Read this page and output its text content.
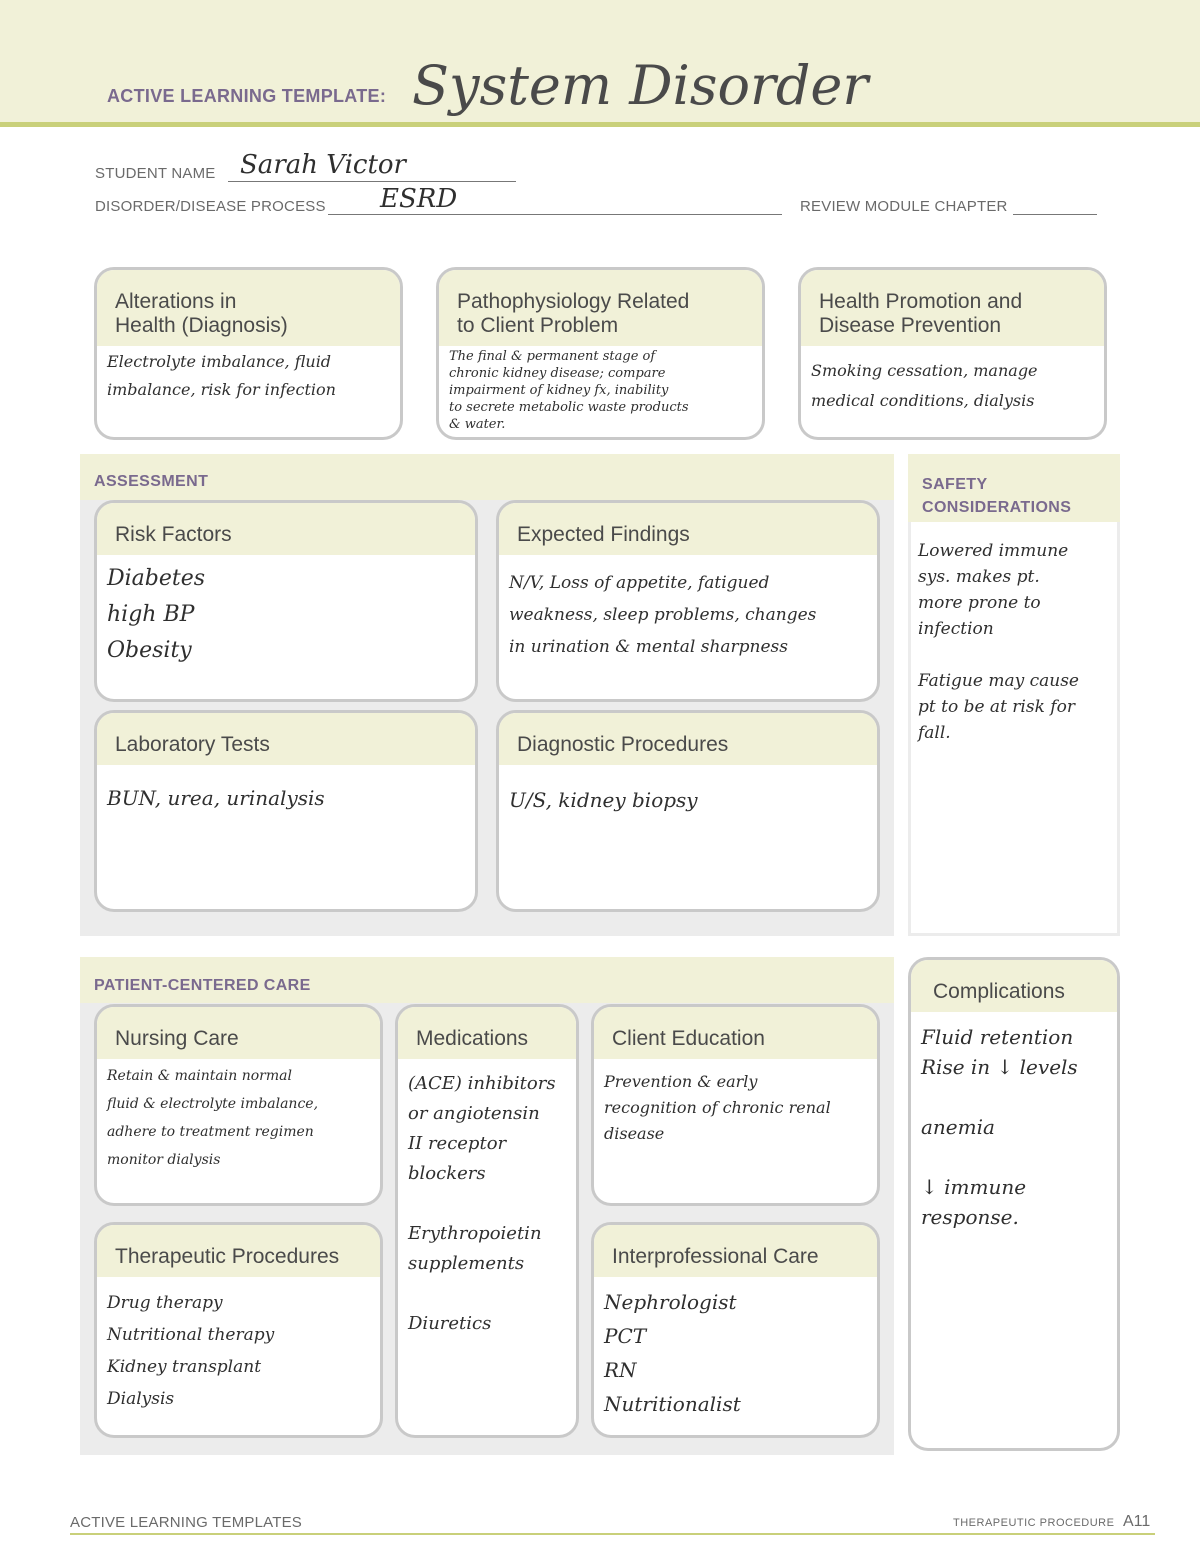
ACTIVE LEARNING TEMPLATE: System Disorder
STUDENT NAME Sarah Victor
DISORDER/DISEASE PROCESS ESRD	REVIEW MODULE CHAPTER
Alterations in
Health (Diagnosis)
Electrolyte imbalance, fluid
imbalance, risk for infection
Pathophysiology Related
to Client Problem
The final & permanent stage of
chronic kidney disease; compare
impairment of kidney fx, inability
to secrete metabolic waste products
& water.
Health Promotion and
Disease Prevention
Smoking cessation, manage
medical conditions, dialysis
ASSESSMENT
Risk Factors
Diabetes
high BP
Obesity
Expected Findings
N/V, Loss of appetite, fatigued
weakness, sleep problems, changes
in urination & mental sharpness
Laboratory Tests
BUN, urea, urinalysis
Diagnostic Procedures
U/S, kidney biopsy
SAFETY
CONSIDERATIONS
Lowered immune
sys. makes pt.
more prone to
infection

Fatigue may cause
pt to be at risk for
fall.
PATIENT-CENTERED CARE
Nursing Care
Retain & maintain normal
fluid & electrolyte imbalance,
adhere to treatment regimen
monitor dialysis
Medications
(ACE) inhibitors
or angiotensin
II receptor
blockers

Erythropoietin
supplements

Diuretics
Client Education
Prevention & early
recognition of chronic renal
disease
Therapeutic Procedures
Drug therapy
Nutritional therapy
Kidney transplant
Dialysis
Interprofessional Care
Nephrologist
PCT
RN
Nutritionalist
Complications
Fluid retention
Rise in ↓ levels

anemia

↓ immune
response.
ACTIVE LEARNING TEMPLATES	THERAPEUTIC PROCEDURE A11
